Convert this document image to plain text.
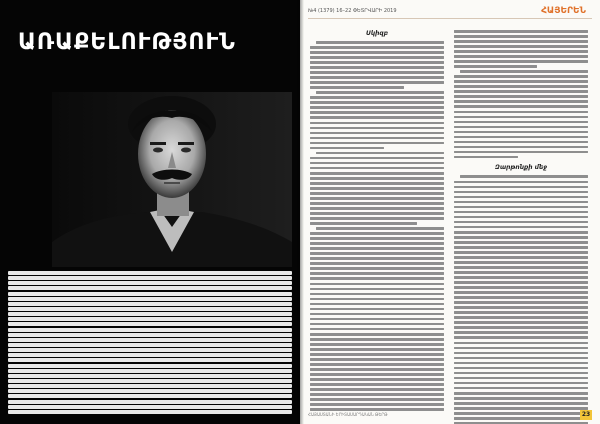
ԱՌԱՔԵԼՈՒԹՅՈՒՆ
№4 (1379) 16–22 ՓԵՏՐՎԱՐԻ 2019	ՀԱՅԵՐԵՆ
Սկիզբ
Զարթոնքի մեջ
ՀԱՅԱՍՏԱՆԻ ԵՐԻՏԱՍԱՐԴԱԿԱՆ ԹԵՐԹ	23
